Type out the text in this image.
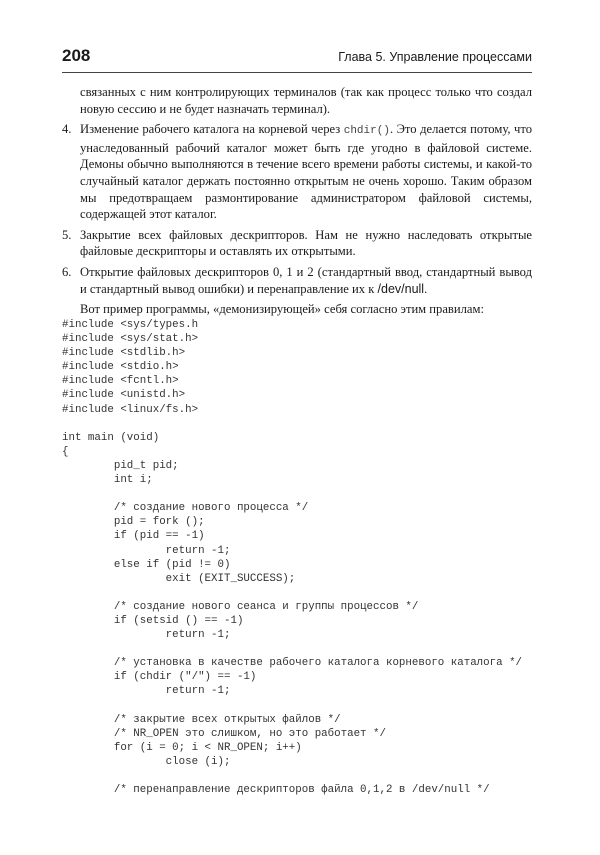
208	Глава 5. Управление процессами

связанных с ним контролирующих терминалов (так как процесс только что создал новую сессию и не будет назначать терминал).

4. Изменение рабочего каталога на корневой через chdir(). Это делается потому, что унаследованный рабочий каталог может быть где угодно в файловой системе. Демоны обычно выполняются в течение всего времени работы системы, и какой-то случайный каталог держать постоянно открытым не очень хорошо. Таким образом мы предотвращаем размонтирование администратором файловой системы, содержащей этот каталог.
5. Закрытие всех файловых дескрипторов. Нам не нужно наследовать открытые файловые дескрипторы и оставлять их открытыми.
6. Открытие файловых дескрипторов 0, 1 и 2 (стандартный ввод, стандартный вывод и стандартный вывод ошибки) и перенаправление их к /dev/null.

Вот пример программы, «демонизирующей» себя согласно этим правилам:

#include <sys/types.h
#include <sys/stat.h>
#include <stdlib.h>
#include <stdio.h>
#include <fcntl.h>
#include <unistd.h>
#include <linux/fs.h>

int main (void)
{
pid_t pid;
int i;

/* создание нового процесса */
pid = fork ();
if (pid == -1)
return -1;
else if (pid != 0)
exit (EXIT_SUCCESS);

/* создание нового сеанса и группы процессов */
if (setsid () == -1)
return -1;

/* установка в качестве рабочего каталога корневого каталога */
if (chdir ("/") == -1)
return -1;

/* закрытие всех открытых файлов */
/* NR_OPEN это слишком, но это работает */
for (i = 0; i < NR_OPEN; i++)
close (i);

/* перенаправление дескрипторов файла 0,1,2 в /dev/null */
